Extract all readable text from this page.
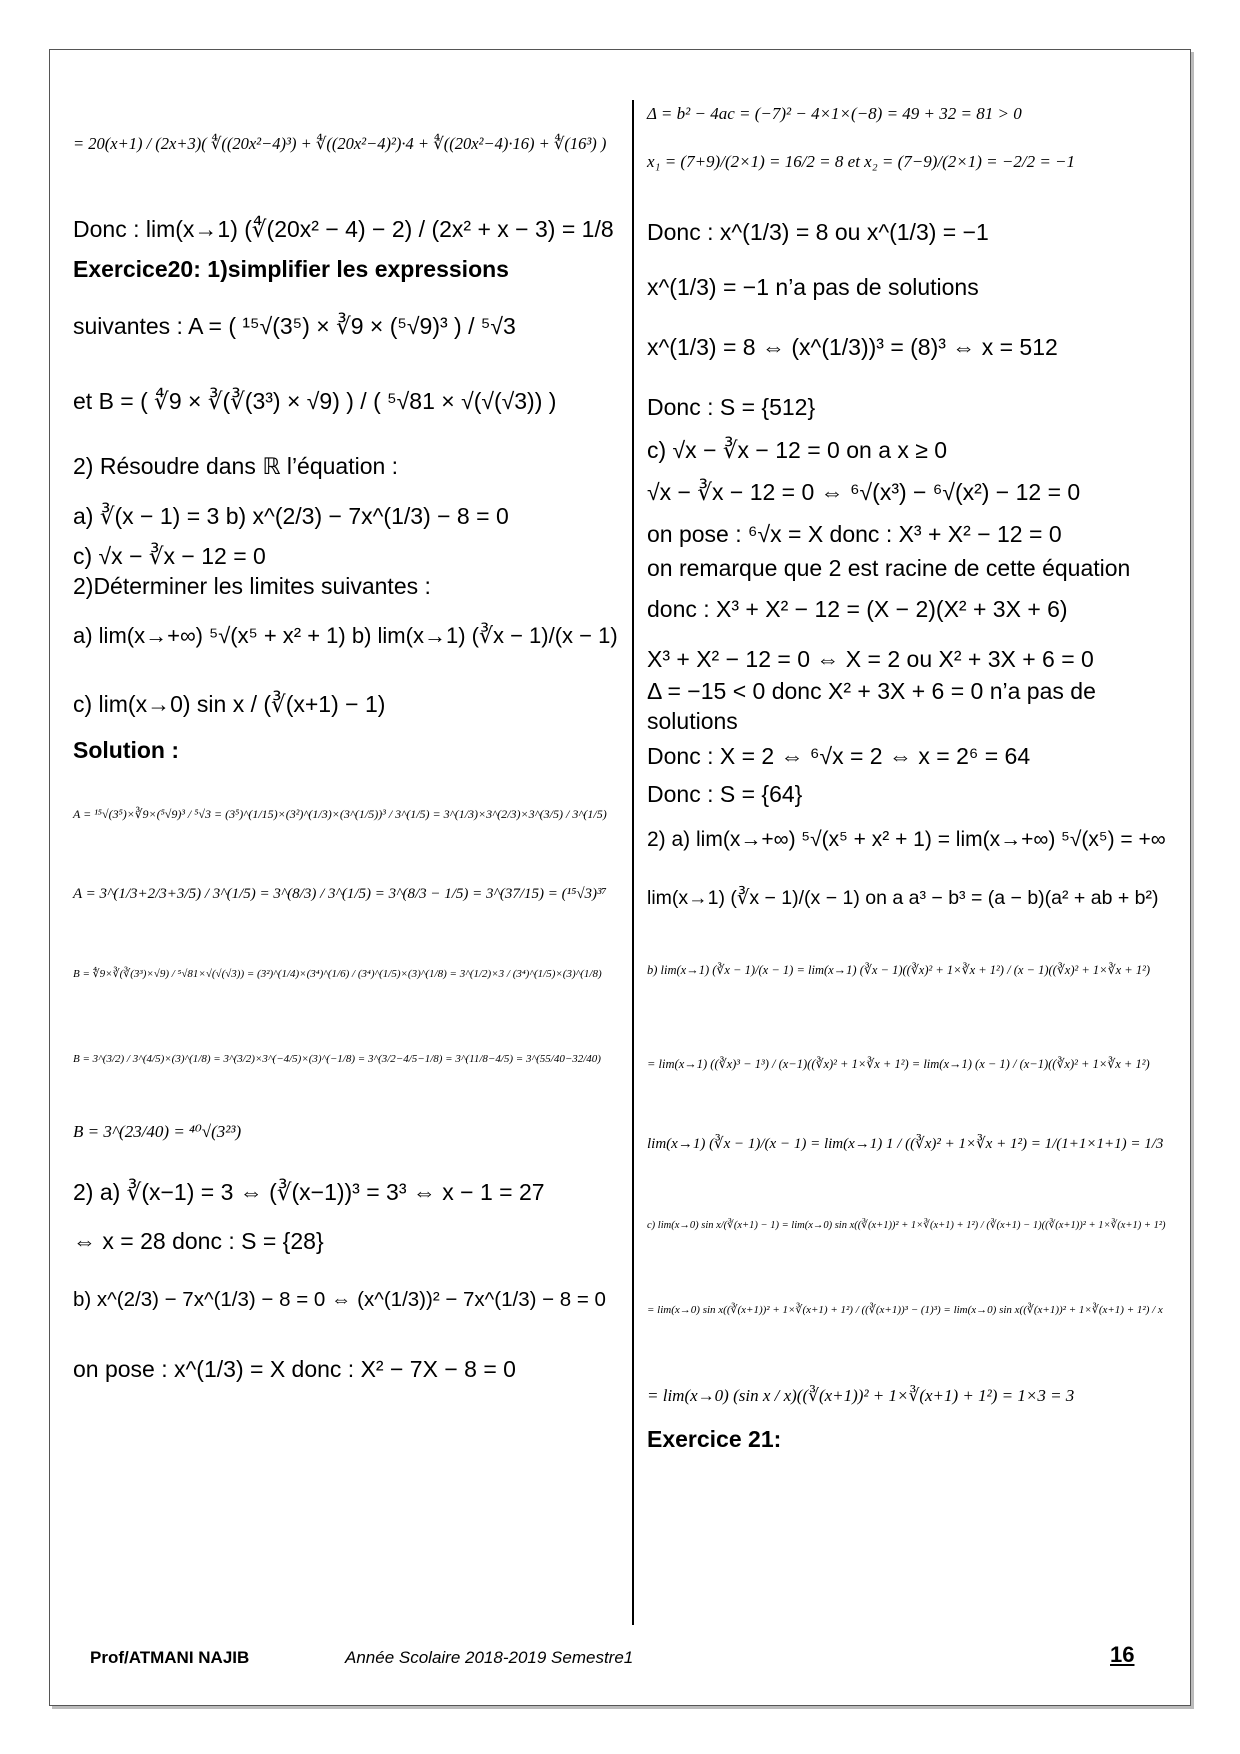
= 20(x+1) / (2x+3)( ∜((20x²−4)³) + ∜((20x²−4)²)·4 + ∜((20x²−4)·16) + ∜(16³) )
Donc : lim(x→1) (∜(20x² − 4) − 2) / (2x² + x − 3) = 1/8
Exercice20: 1)simplifier les expressions
suivantes : A = ( ¹⁵√(3⁵) × ∛9 × (⁵√9)³ ) / ⁵√3
et B = ( ∜9 × ∛(∛(3³) × √9) ) / ( ⁵√81 × √(√(√3)) )
2) Résoudre dans ℝ l’équation :
a) ∛(x − 1) = 3 b) x^(2/3) − 7x^(1/3) − 8 = 0
c) √x − ∛x − 12 = 0
2)Déterminer les limites suivantes :
a) lim(x→+∞) ⁵√(x⁵ + x² + 1) b) lim(x→1) (∛x − 1)/(x − 1)
c) lim(x→0) sin x / (∛(x+1) − 1)
Solution :
A = ¹⁵√(3⁵)×∛9×(⁵√9)³ / ⁵√3 = (3⁵)^(1/15)×(3²)^(1/3)×(3^(1/5))³ / 3^(1/5) = 3^(1/3)×3^(2/3)×3^(3/5) / 3^(1/5)
A = 3^(1/3+2/3+3/5) / 3^(1/5) = 3^(8/3) / 3^(1/5) = 3^(8/3 − 1/5) = 3^(37/15) = (¹⁵√3)³⁷
B = ∜9×∛(∛(3³)×√9) / ⁵√81×√(√(√3)) = (3²)^(1/4)×(3⁴)^(1/6) / (3⁴)^(1/5)×(3)^(1/8) = 3^(1/2)×3 / (3⁴)^(1/5)×(3)^(1/8)
B = 3^(3/2) / 3^(4/5)×(3)^(1/8) = 3^(3/2)×3^(−4/5)×(3)^(−1/8) = 3^(3/2−4/5−1/8) = 3^(11/8−4/5) = 3^(55/40−32/40)
B = 3^(23/40) = ⁴⁰√(3²³)
2) a) ∛(x−1) = 3 ⇔ (∛(x−1))³ = 3³ ⇔ x − 1 = 27
⇔ x = 28 donc : S = {28}
b) x^(2/3) − 7x^(1/3) − 8 = 0 ⇔ (x^(1/3))² − 7x^(1/3) − 8 = 0
on pose : x^(1/3) = X donc : X² − 7X − 8 = 0
Δ = b² − 4ac = (−7)² − 4×1×(−8) = 49 + 32 = 81 > 0
x₁ = (7+9)/(2×1) = 16/2 = 8 et x₂ = (7−9)/(2×1) = −2/2 = −1
Donc : x^(1/3) = 8 ou x^(1/3) = −1
x^(1/3) = −1 n’a pas de solutions
x^(1/3) = 8 ⇔ (x^(1/3))³ = (8)³ ⇔ x = 512
Donc : S = {512}
c) √x − ∛x − 12 = 0 on a x ≥ 0
√x − ∛x − 12 = 0 ⇔ ⁶√(x³) − ⁶√(x²) − 12 = 0
on pose : ⁶√x = X donc : X³ + X² − 12 = 0
on remarque que 2 est racine de cette équation
donc : X³ + X² − 12 = (X − 2)(X² + 3X + 6)
X³ + X² − 12 = 0 ⇔ X = 2 ou X² + 3X + 6 = 0
Δ = −15 < 0 donc X² + 3X + 6 = 0 n’a pas de
solutions
Donc : X = 2 ⇔ ⁶√x = 2 ⇔ x = 2⁶ = 64
Donc : S = {64}
2) a) lim(x→+∞) ⁵√(x⁵ + x² + 1) = lim(x→+∞) ⁵√(x⁵) = +∞
lim(x→1) (∛x − 1)/(x − 1) on a a³ − b³ = (a − b)(a² + ab + b²)
b) lim(x→1) (∛x − 1)/(x − 1) = lim(x→1) (∛x − 1)((∛x)² + 1×∛x + 1²) / (x − 1)((∛x)² + 1×∛x + 1²)
= lim(x→1) ((∛x)³ − 1³) / (x−1)((∛x)² + 1×∛x + 1²) = lim(x→1) (x − 1) / (x−1)((∛x)² + 1×∛x + 1²)
lim(x→1) (∛x − 1)/(x − 1) = lim(x→1) 1 / ((∛x)² + 1×∛x + 1²) = 1/(1+1×1+1) = 1/3
c) lim(x→0) sin x/(∛(x+1) − 1) = lim(x→0) sin x((∛(x+1))² + 1×∛(x+1) + 1²) / (∛(x+1) − 1)((∛(x+1))² + 1×∛(x+1) + 1²)
= lim(x→0) sin x((∛(x+1))² + 1×∛(x+1) + 1²) / ((∛(x+1))³ − (1)³) = lim(x→0) sin x((∛(x+1))² + 1×∛(x+1) + 1²) / x
= lim(x→0) (sin x / x)((∛(x+1))² + 1×∛(x+1) + 1²) = 1×3 = 3
Exercice 21:
Prof/ATMANI NAJIB	Année Scolaire 2018-2019 Semestre1	16
